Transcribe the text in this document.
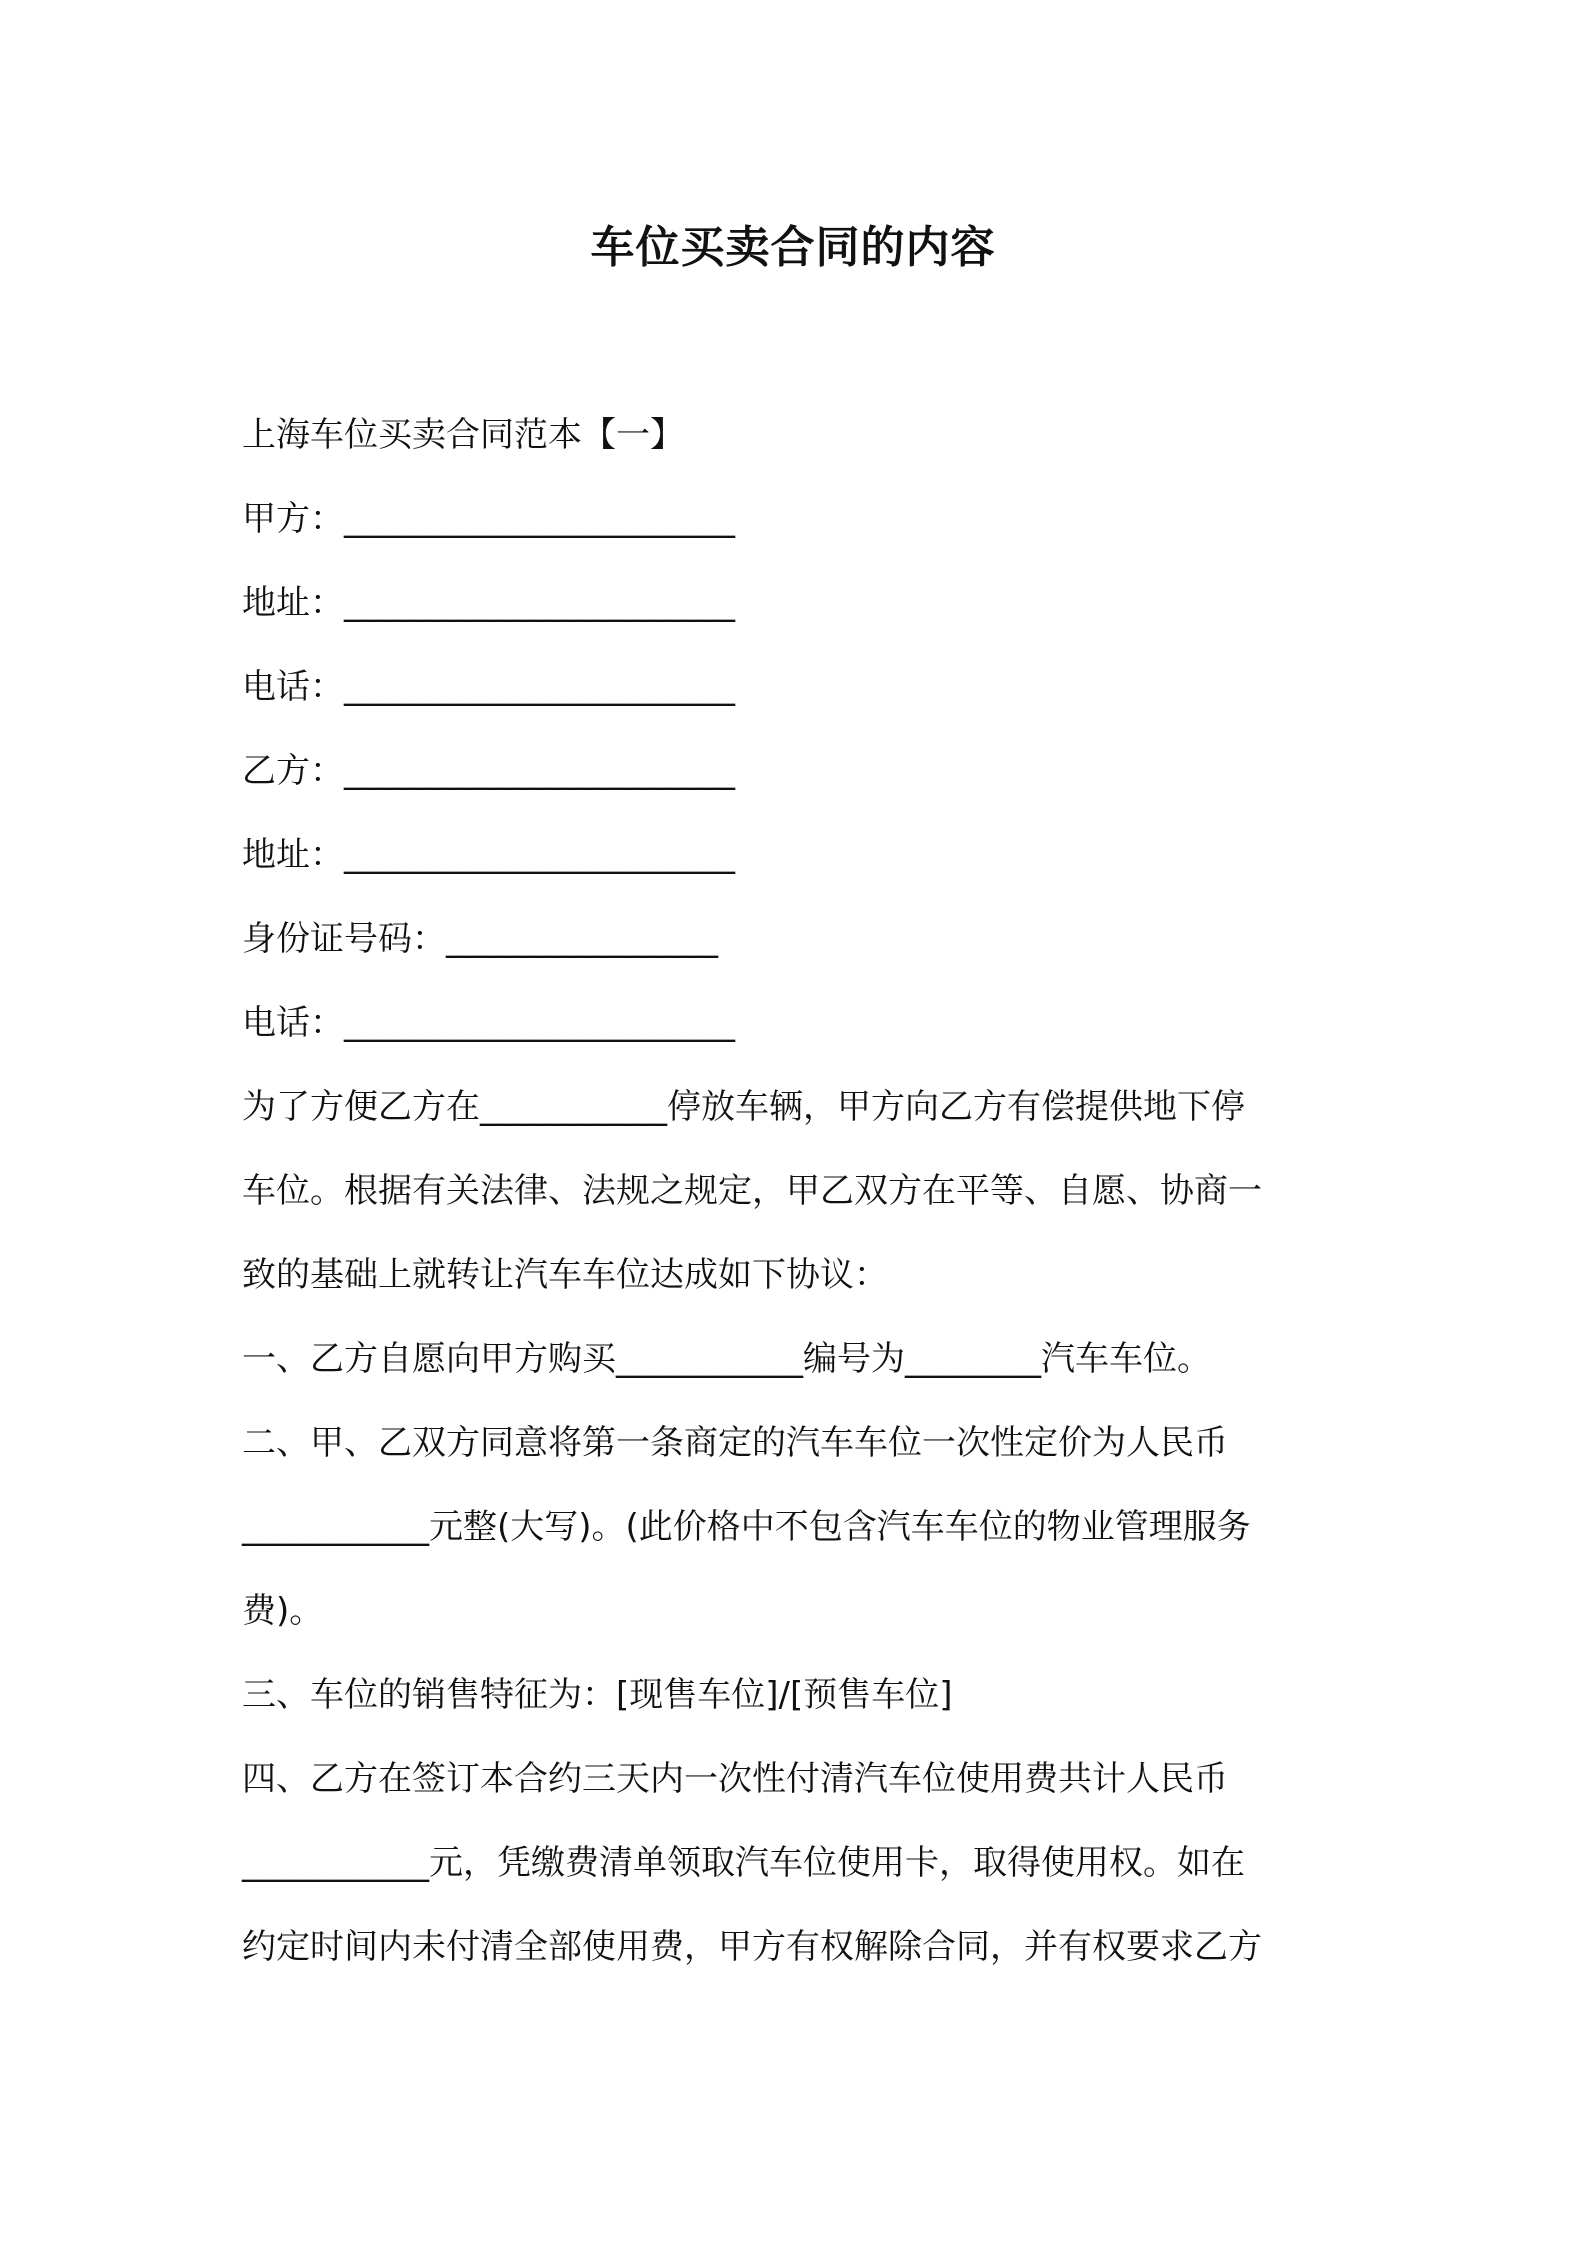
车位买卖合同的内容
上海车位买卖合同范本【一】
甲方：_______________________
地址：_______________________
电话：_______________________
乙方：_______________________
地址：_______________________
身份证号码：________________
电话：_______________________
为了方便乙方在___________停放车辆，甲方向乙方有偿提供地下停
车位。根据有关法律、法规之规定，甲乙双方在平等、自愿、协商一
致的基础上就转让汽车车位达成如下协议：
一、乙方自愿向甲方购买___________编号为________汽车车位。
二、甲、乙双方同意将第一条商定的汽车车位一次性定价为人民币
___________元整(大写)。(此价格中不包含汽车车位的物业管理服务
费)。
三、车位的销售特征为：[现售车位]/[预售车位]
四、乙方在签订本合约三天内一次性付清汽车位使用费共计人民币
___________元，凭缴费清单领取汽车位使用卡，取得使用权。如在
约定时间内未付清全部使用费，甲方有权解除合同，并有权要求乙方
